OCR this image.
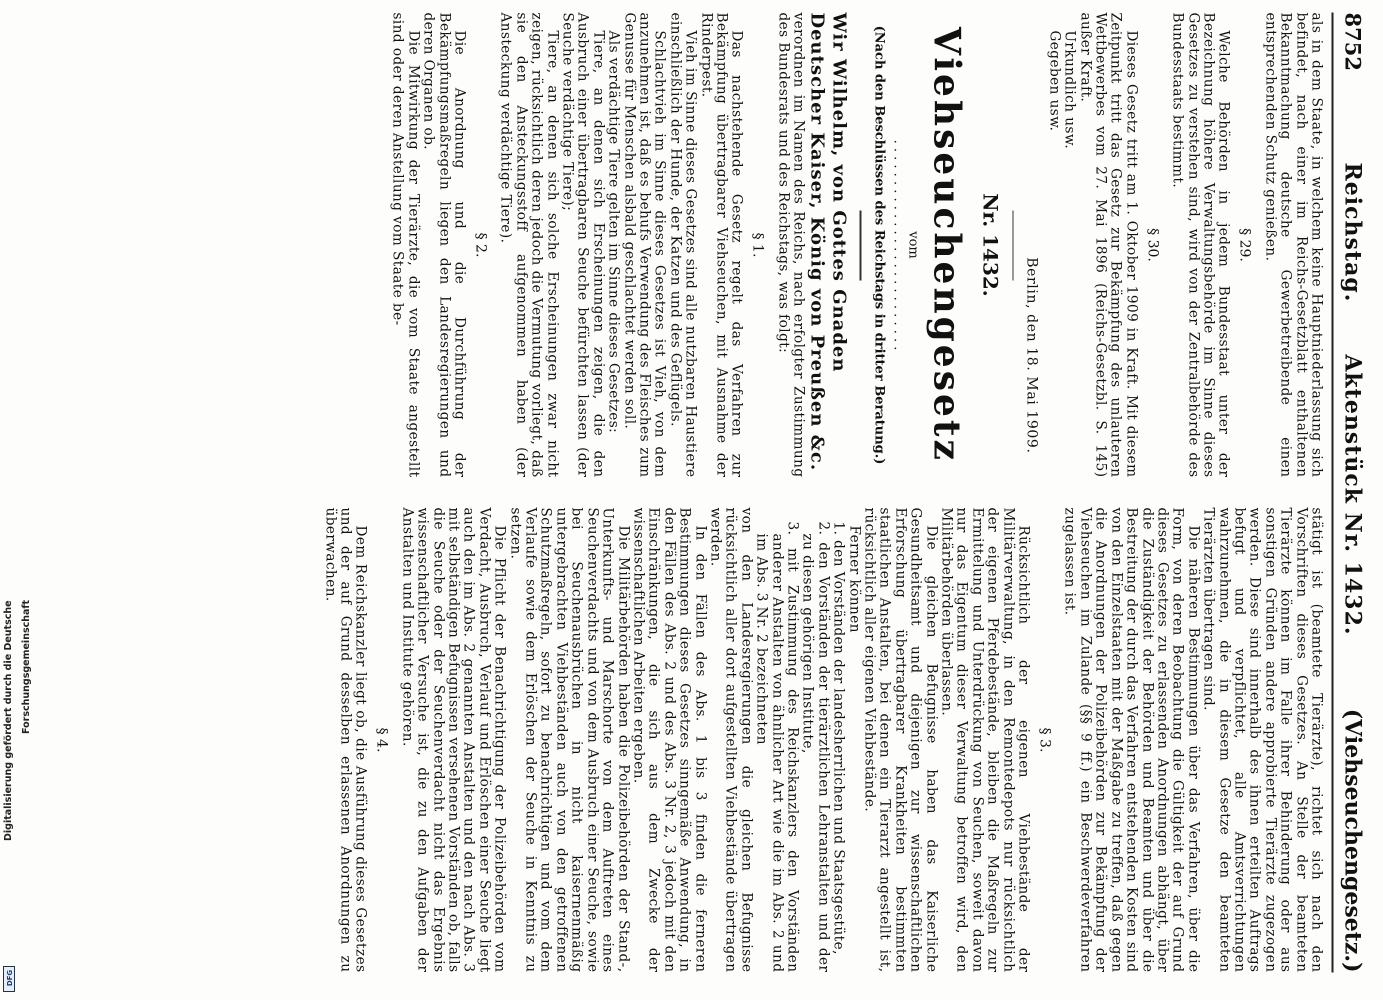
8752
Reichstag.      Aktenstück Nr. 1432.
(Viehseuchengesetz.)

als in dem Staate, in welchem keine Hauptniederlassung sich befindet, nach einer im Reichs-Gesetzblatt enthaltenen Bekanntmachung deutsche Gewerbetreibende einen entsprechenden Schutz genießen.

§ 29.

Welche Behörden in jedem Bundesstaat unter der Bezeichnung höhere Verwaltungsbehörde im Sinne dieses Gesetzes zu verstehen sind, wird von der Zentralbehörde des Bundesstaats bestimmt.

§ 30.

Dieses Gesetz tritt am 1. Oktober 1909 in Kraft. Mit diesem Zeitpunkt tritt das Gesetz zur Bekämpfung des unlauteren Wettbewerbes vom 27. Mai 1896 (Reichs-Gesetzbl. S. 145) außer Kraft.

Urkundlich usw.

Gegeben usw.

Berlin, den 18. Mai 1909.
Nr. 1432.
Viehseuchengesetz

vom

. . . . . . . . . . . . . . . . . . . . . . . . . .
(Nach den Beschlüssen des Reichstags in dritter Beratung.)

Wir Wilhelm, von Gottes Gnaden Deutscher Kaiser, König von Preußen &c.

verordnen im Namen des Reichs, nach erfolgter Zustimmung des Bundesrats und des Reichstags, was folgt:

§ 1.

Das nachstehende Gesetz regelt das Verfahren zur Bekämpfung übertragbarer Viehseuchen, mit Ausnahme der Rinderpest.

Vieh im Sinne dieses Gesetzes sind alle nutzbaren Haustiere einschließlich der Hunde, der Katzen und des Geflügels.

Schlachtvieh im Sinne dieses Gesetzes ist Vieh, von dem anzunehmen ist, daß es behufs Verwendung des Fleisches zum Genusse für Menschen alsbald geschlachtet werden soll.

Als verdächtige Tiere gelten im Sinne dieses Gesetzes:

Tiere, an denen sich Erscheinungen zeigen, die den Ausbruch einer übertragbaren Seuche befürchten lassen (der Seuche verdächtige Tiere);

Tiere, an denen sich solche Erscheinungen zwar nicht zeigen, rücksichtlich deren jedoch die Vermutung vorliegt, daß sie den Ansteckungsstoff aufgenommen haben (der Ansteckung verdächtige Tiere).

§ 2.

Die Anordnung und die Durchführung der Bekämpfungsmaßregeln liegen den Landesregierungen und deren Organen ob.

Die Mitwirkung der Tierärzte, die vom Staate angestellt sind oder deren Anstellung vom Staate be-

stätigt ist (beamtete Tierärzte), richtet sich nach den Vorschriften dieses Gesetzes. An Stelle der beamteten Tierärzte können im Falle ihrer Behinderung oder aus sonstigen Gründen andere approbierte Tierärzte zugezogen werden. Diese sind innerhalb des ihnen erteilten Auftrags befugt und verpflichtet, alle Amtsverrichtungen wahrzunehmen, die in diesem Gesetze den beamteten Tierärzten übertragen sind.

Die näheren Bestimmungen über das Verfahren, über die Form, von deren Beobachtung die Gültigkeit der auf Grund dieses Gesetzes zu erlassenden Anordnungen abhängt, über die Zuständigkeit der Behörden und Beamten und über die Bestreitung der durch das Verfahren entstehenden Kosten sind von den Einzelstaaten mit der Maßgabe zu treffen, daß gegen die Anordnungen der Polizeibehörden zur Bekämpfung der Viehseuchen im Zulande (§§ 9 ff.) ein Beschwerdeverfahren zugelassen ist.

§ 3.

Rücksichtlich der eigenen Viehbestände der Militärverwaltung, in den Remontedepots nur rücksichtlich der eigenen Pferdebestände, bleiben die Maßregeln zur Ermittelung und Unterdrückung von Seuchen, soweit davon nur das Eigentum dieser Verwaltung betroffen wird, den Militärbehörden überlassen.

Die gleichen Befugnisse haben das Kaiserliche Gesundheitsamt und diejenigen zur wissenschaftlichen Erforschung übertragbarer Krankheiten bestimmten staatlichen Anstalten, bei denen ein Tierarzt angestellt ist, rücksichtlich aller eigenen Viehbestände.

Ferner können

1. den Vorständen der landesherrlichen und Staatsgestüte,
2. den Vorständen der tierärztlichen Lehranstalten und der zu diesen gehörigen Institute,
3. mit Zustimmung des Reichskanzlers den Vorständen anderer Anstalten von ähnlicher Art wie die im Abs. 2 und im Abs. 3 Nr. 2 bezeichneten

von den Landesregierungen die gleichen Befugnisse rücksichtlich aller dort aufgestellten Viehbestände übertragen werden.

In den Fällen des Abs. 1 bis 3 finden die ferneren Bestimmungen dieses Gesetzes sinngemäße Anwendung, in den Fällen des Abs. 2 und des Abs. 3 Nr. 2, 3 jedoch mit den Einschränkungen, die sich aus dem Zwecke der wissenschaftlichen Arbeiten ergeben.

Die Militärbehörden haben die Polizeibehörden der Stand-, Unterkunfts- und Marschorte von dem Auftreten eines Seuchenverdachts und von dem Ausbruch einer Seuche, sowie bei Seuchenausbrüchen in nicht kaisernenmäßig untergebrachten Viehbeständen auch von den getroffenen Schutzmaßregeln, sofort zu benachrichtigen und vom dem Verlaufe sowie dem Erlöschen der Seuche in Kenntnis zu setzen.

Die Pflicht der Benachrichtigung der Polizeibehörden vom Verdacht, Ausbruch, Verlauf und Erlöschen einer Seuche liegt auch den im Abs. 2 genannten Anstalten und den nach Abs. 3 mit selbständigen Befugnissen versehenen Vorständen ob, falls die Seuche oder der Seuchenverdacht nicht das Ergebnis wissenschaftlicher Versuche ist, die zu den Aufgaben der Anstalten und Institute gehören.

§ 4.

Dem Reichskanzler liegt ob, die Ausführung dieses Gesetzes und der auf Grund desselben erlassenen Anordnungen zu überwachen.

Digitalisierung gefördert durch die Deutsche Forschungsgemeinschaft
DFG
